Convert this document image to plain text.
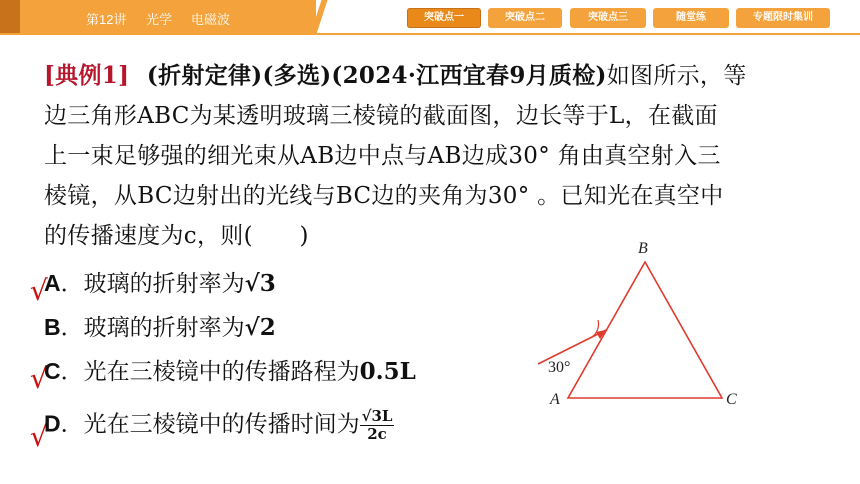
第12讲 光学 电磁波	突破点一	突破点二	突破点三	随堂练	专题限时集训
[典例1] (折射定律)(多选)(2024·江西宜春9月质检)如图所示，等
边三角形ABC为某透明玻璃三棱镜的截面图，边长等于L，在截面
上一束足够强的细光束从AB边中点与AB边成30° 角由真空射入三
棱镜，从BC边射出的光线与BC边的夹角为30° 。已知光在真空中
的传播速度为c，则(　　)
√
A．玻璃的折射率为√3
B．玻璃的折射率为√2
√
C．光在三棱镜中的传播路程为0.5L
√
D．光在三棱镜中的传播时间为 $\frac{√3L}{2c}$
B
A	C
30°
